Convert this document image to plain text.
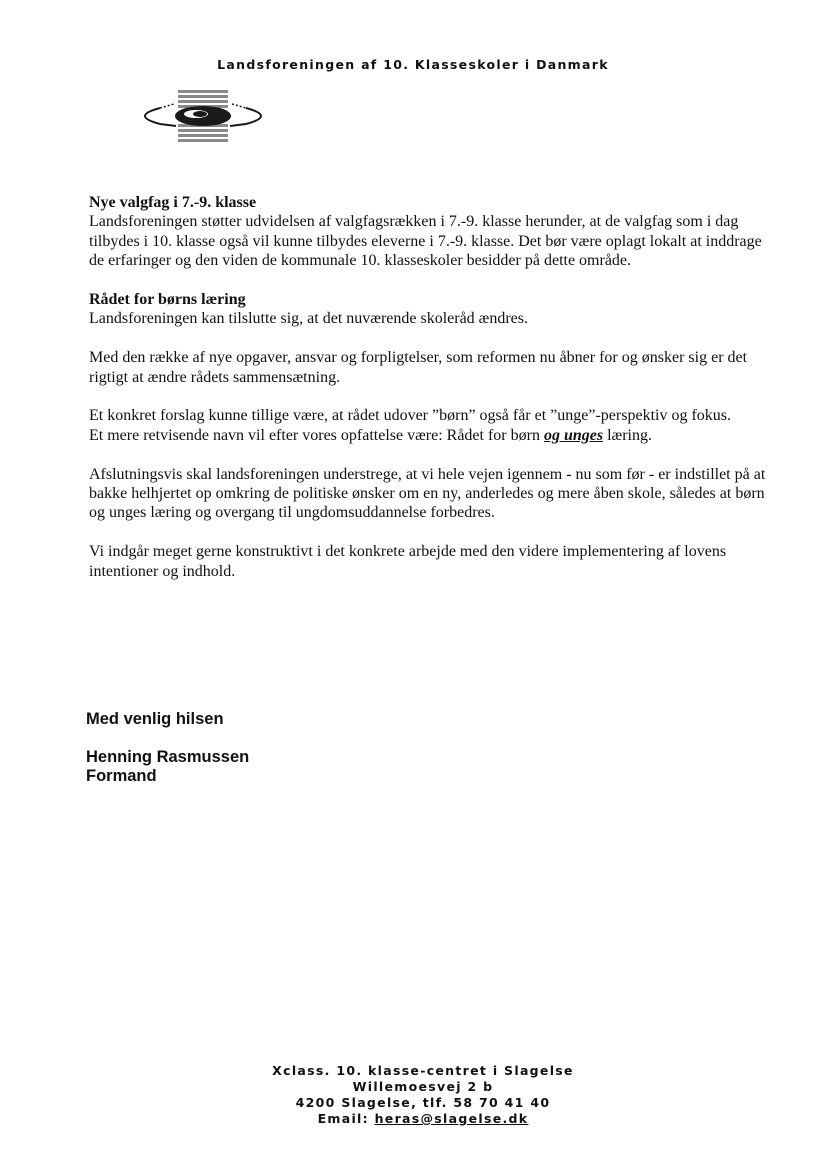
Landsforeningen af 10. Klasseskoler i Danmark
Nye valgfag i 7.-9. klasse

Landsforeningen støtter udvidelsen af valgfagsrækken i 7.-9. klasse herunder, at de valgfag som i dag tilbydes i 10. klasse også vil kunne tilbydes eleverne i 7.-9. klasse. Det bør være oplagt lokalt at inddrage de erfaringer og den viden de kommunale 10. klasseskoler besidder på dette område.

Rådet for børns læring

Landsforeningen kan tilslutte sig, at det nuværende skoleråd ændres.

Med den række af nye opgaver, ansvar og forpligtelser, som reformen nu åbner for og ønsker sig er det rigtigt at ændre rådets sammensætning.

Et konkret forslag kunne tillige være, at rådet udover ”børn” også får et ”unge”-perspektiv og fokus.
Et mere retvisende navn vil efter vores opfattelse være: Rådet for børn og unges læring.

Afslutningsvis skal landsforeningen understrege, at vi hele vejen igennem - nu som før - er indstillet på at bakke helhjertet op omkring de politiske ønsker om en ny, anderledes og mere åben skole, således at børn og unges læring og overgang til ungdomsuddannelse forbedres.

Vi indgår meget gerne konstruktivt i det konkrete arbejde med den videre implementering af lovens intentioner og indhold.

Med venlig hilsen
Henning Rasmussen
Formand
Xclass. 10. klasse-centret i Slagelse
Willemoesvej 2 b
4200 Slagelse, tlf. 58 70 41 40
Email: heras@slagelse.dk
